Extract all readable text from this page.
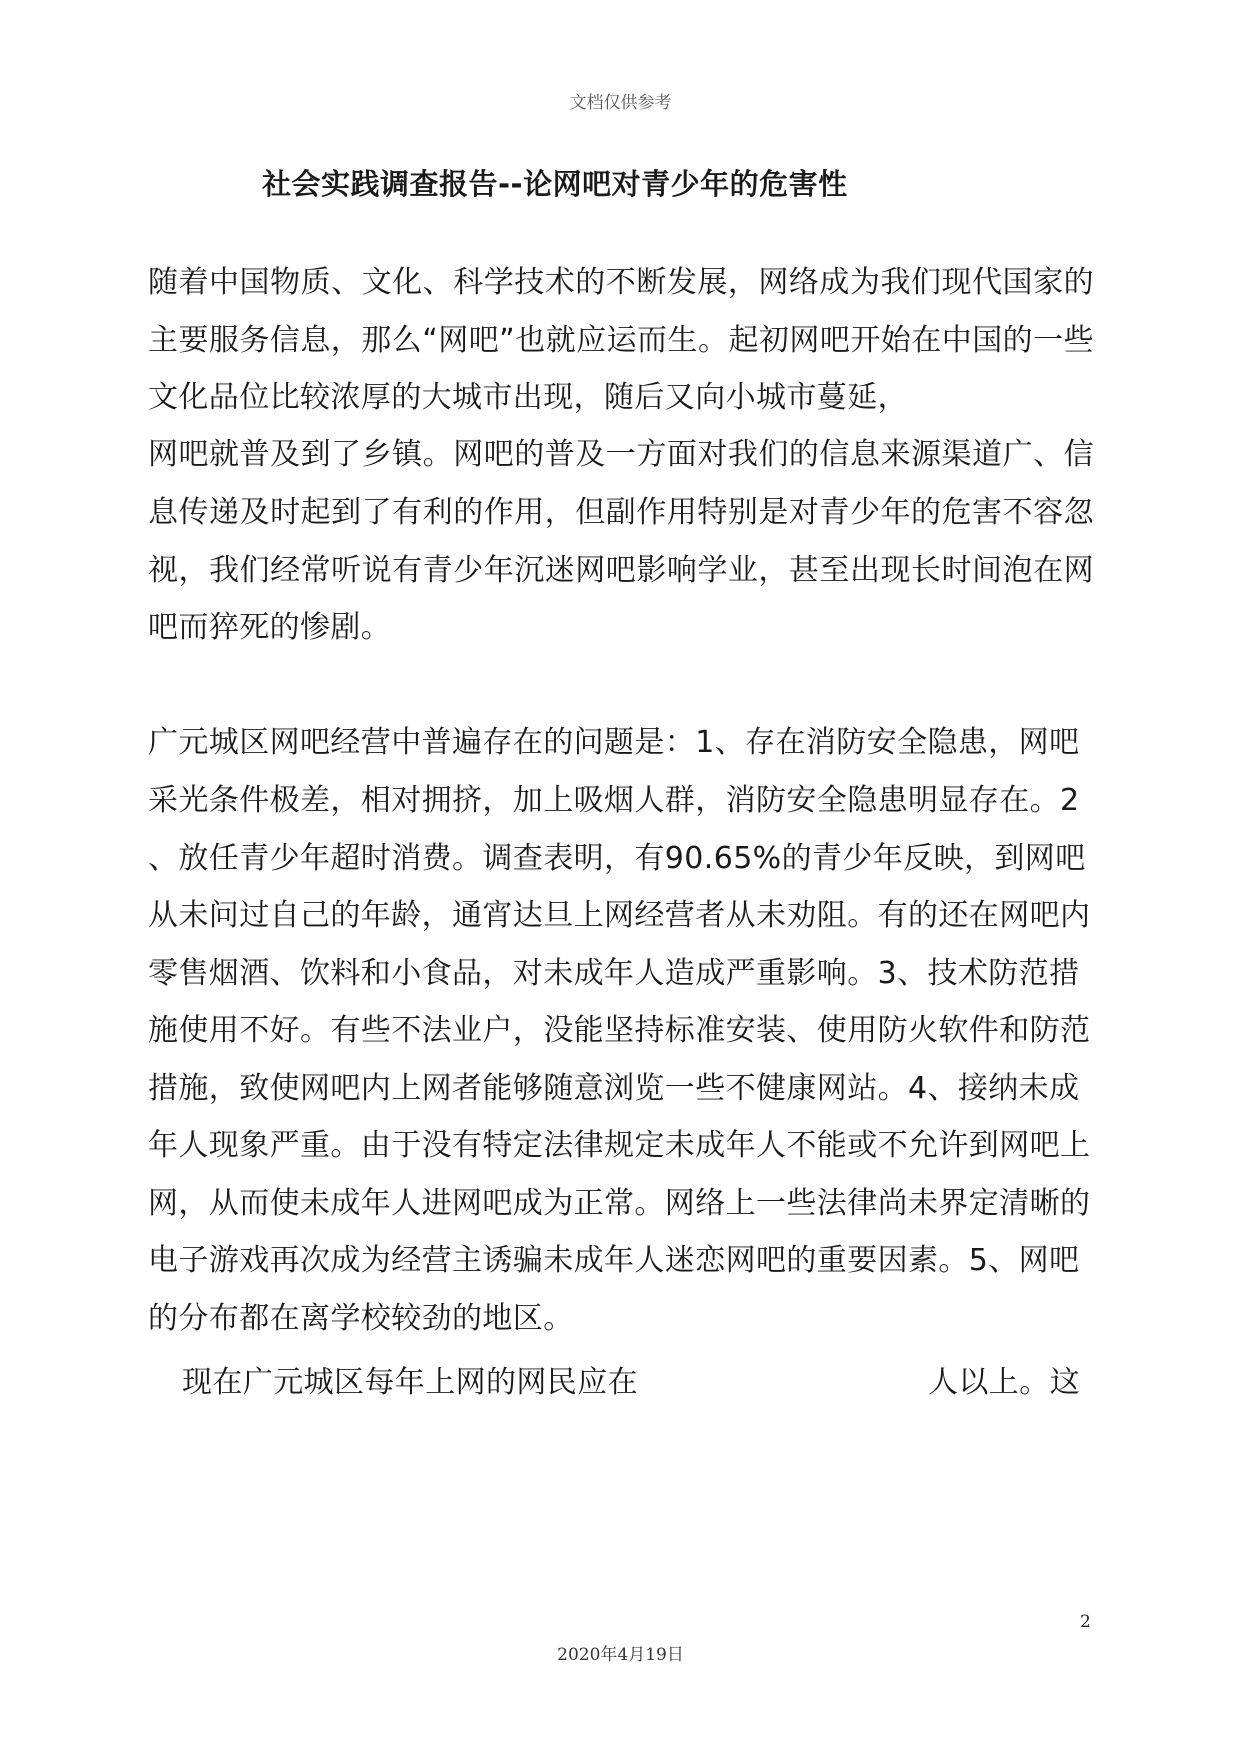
文档仅供参考
社会实践调查报告--论网吧对青少年的危害性
随着中国物质、文化、科学技术的不断发展，网络成为我们现代国家的
主要服务信息，那么“网吧”也就应运而生。起初网吧开始在中国的一些
文化品位比较浓厚的大城市出现，随后又向小城市蔓延，
网吧就普及到了乡镇。网吧的普及一方面对我们的信息来源渠道广、信
息传递及时起到了有利的作用，但副作用特别是对青少年的危害不容忽
视，我们经常听说有青少年沉迷网吧影响学业，甚至出现长时间泡在网
吧而猝死的惨剧。
广元城区网吧经营中普遍存在的问题是：1、存在消防安全隐患，网吧
采光条件极差，相对拥挤，加上吸烟人群，消防安全隐患明显存在。2
、放任青少年超时消费。调查表明，有90.65%的青少年反映，到网吧
从未问过自己的年龄，通宵达旦上网经营者从未劝阻。有的还在网吧内
零售烟酒、饮料和小食品，对未成年人造成严重影响。3、技术防范措
施使用不好。有些不法业户，没能坚持标准安装、使用防火软件和防范
措施，致使网吧内上网者能够随意浏览一些不健康网站。4、接纳未成
年人现象严重。由于没有特定法律规定未成年人不能或不允许到网吧上
网，从而使未成年人进网吧成为正常。网络上一些法律尚未界定清晰的
电子游戏再次成为经营主诱骗未成年人迷恋网吧的重要因素。5、网吧
的分布都在离学校较劲的地区。
现在广元城区每年上网的网民应在	人以上。这
2
2020年4月19日
